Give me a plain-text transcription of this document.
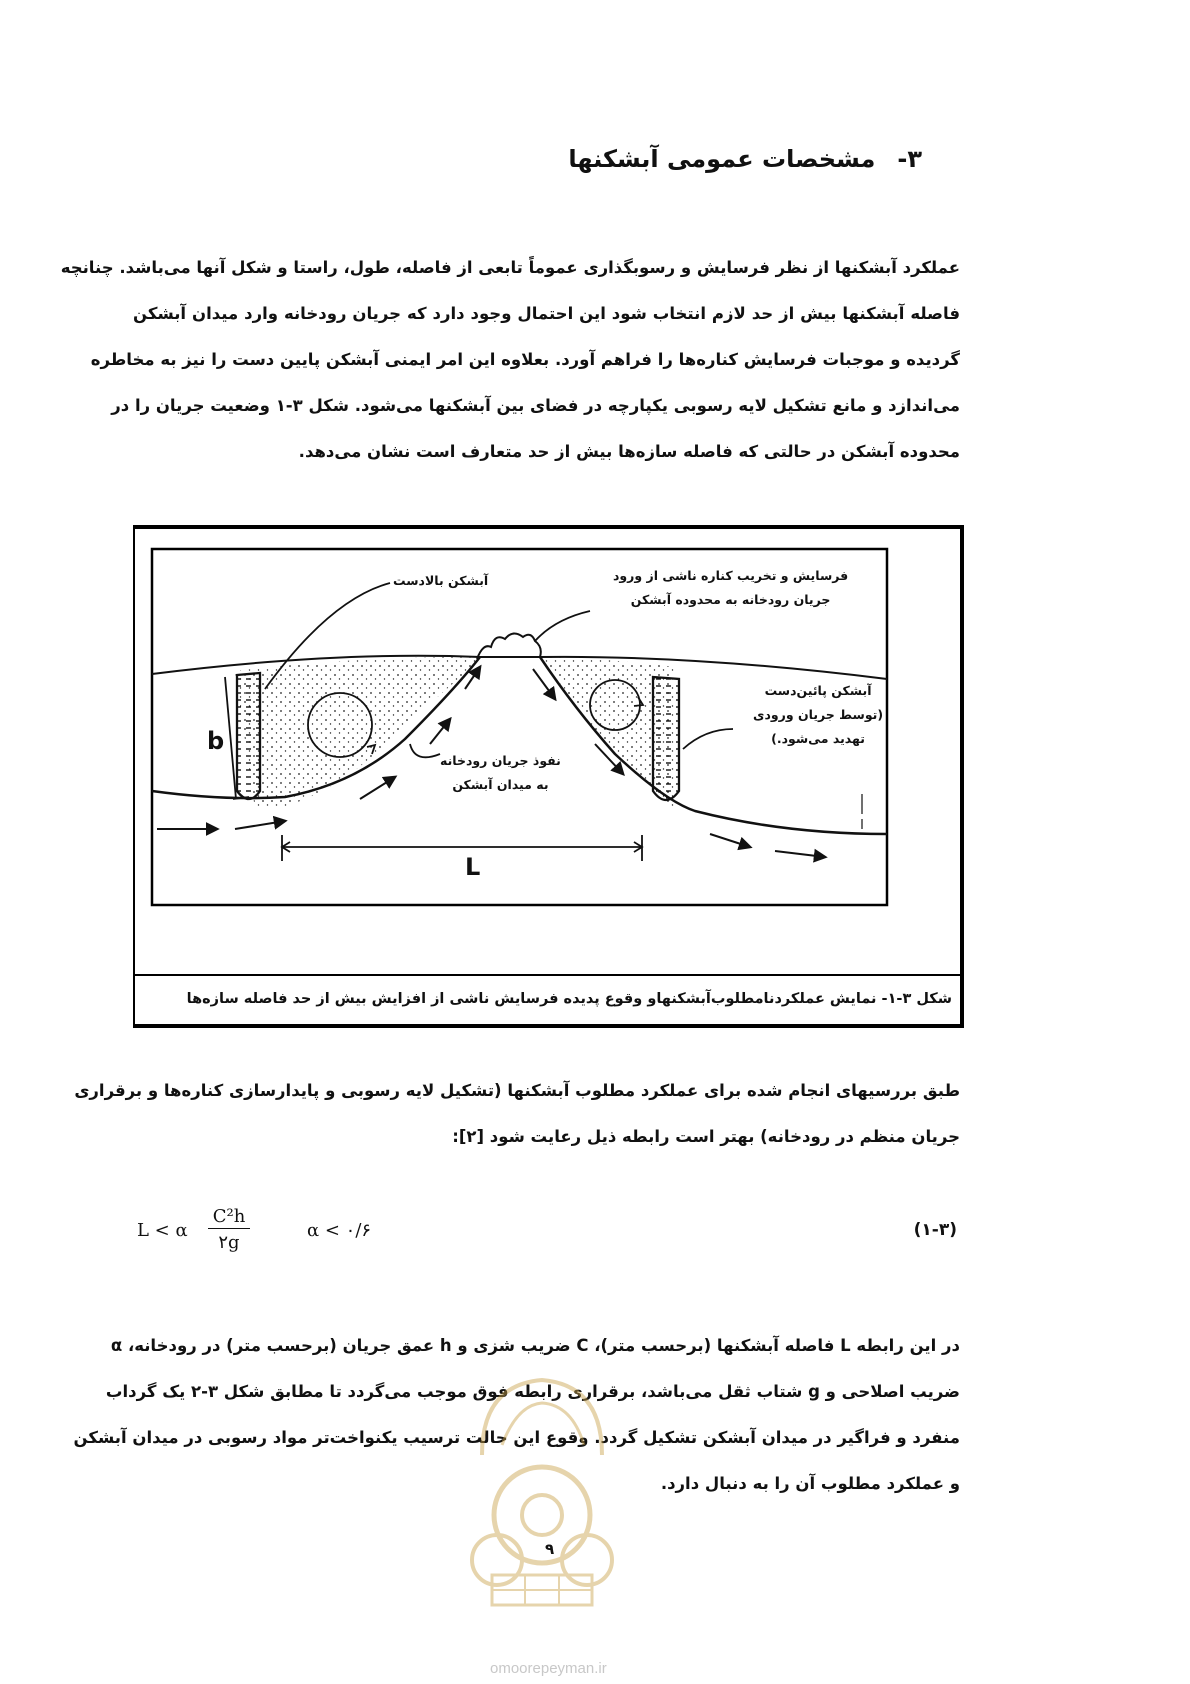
۳-مشخصات عمومی آبشکنها
عملکرد آبشکنها از نظر فرسایش و رسوبگذاری عموماً تابعی از فاصله، طول، راستا و شکل آنها می‌باشد. چنانچه
فاصله آبشکنها بیش از حد لازم انتخاب شود این احتمال وجود دارد که جریان رودخانه وارد میدان آبشکن
گردیده و موجبات فرسایش کناره‌ها را فراهم آورد. بعلاوه این امر ایمنی آبشکن پایین دست را نیز به مخاطره
می‌اندازد و مانع تشکیل لایه رسوبی یکپارچه در فضای بین آبشکنها می‌شود. شکل ۳-۱ وضعیت جریان را در
محدوده آبشکن در حالتی که فاصله سازه‌ها بیش از حد متعارف است نشان می‌دهد.
آبشکن بالادست	فرسایش و تخریب کناره ناشی از ورود
جریان رودخانه به محدوده آبشکن
آبشکن پائین‌دست
(توسط جریان ورودی
تهدید می‌شود.)
نفوذ جریان رودخانه
به میدان آبشکن
b
L
شکل ۳-۱- نمایش عملکردنامطلوب‌آبشکنهاو وقوع پدیده فرسایش ناشی از افزایش بیش از حد فاصله سازه‌ها
طبق بررسیهای انجام شده برای عملکرد مطلوب آبشکنها (تشکیل لایه رسوبی و پایدارسازی کناره‌ها و برقراری
جریان منظم در رودخانه) بهتر است رابطه ذیل رعایت شود [۲]:
L < α $\frac{\text{C²h}}{۲g}$	α < ۰/۶	(۱-۳)
در این رابطه L فاصله آبشکنها (برحسب متر)، C ضریب شزی و h عمق جریان (برحسب متر) در رودخانه، α
ضریب اصلاحی و g شتاب ثقل می‌باشد، برقراری رابطه فوق موجب می‌گردد تا مطابق شکل ۳-۲ یک گرداب
منفرد و فراگیر در میدان آبشکن تشکیل گردد. وقوع این حالت ترسیب یکنواخت‌تر مواد رسوبی در میدان آبشکن
و عملکرد مطلوب آن را به دنبال دارد.
۹
omoorepeyman.ir
